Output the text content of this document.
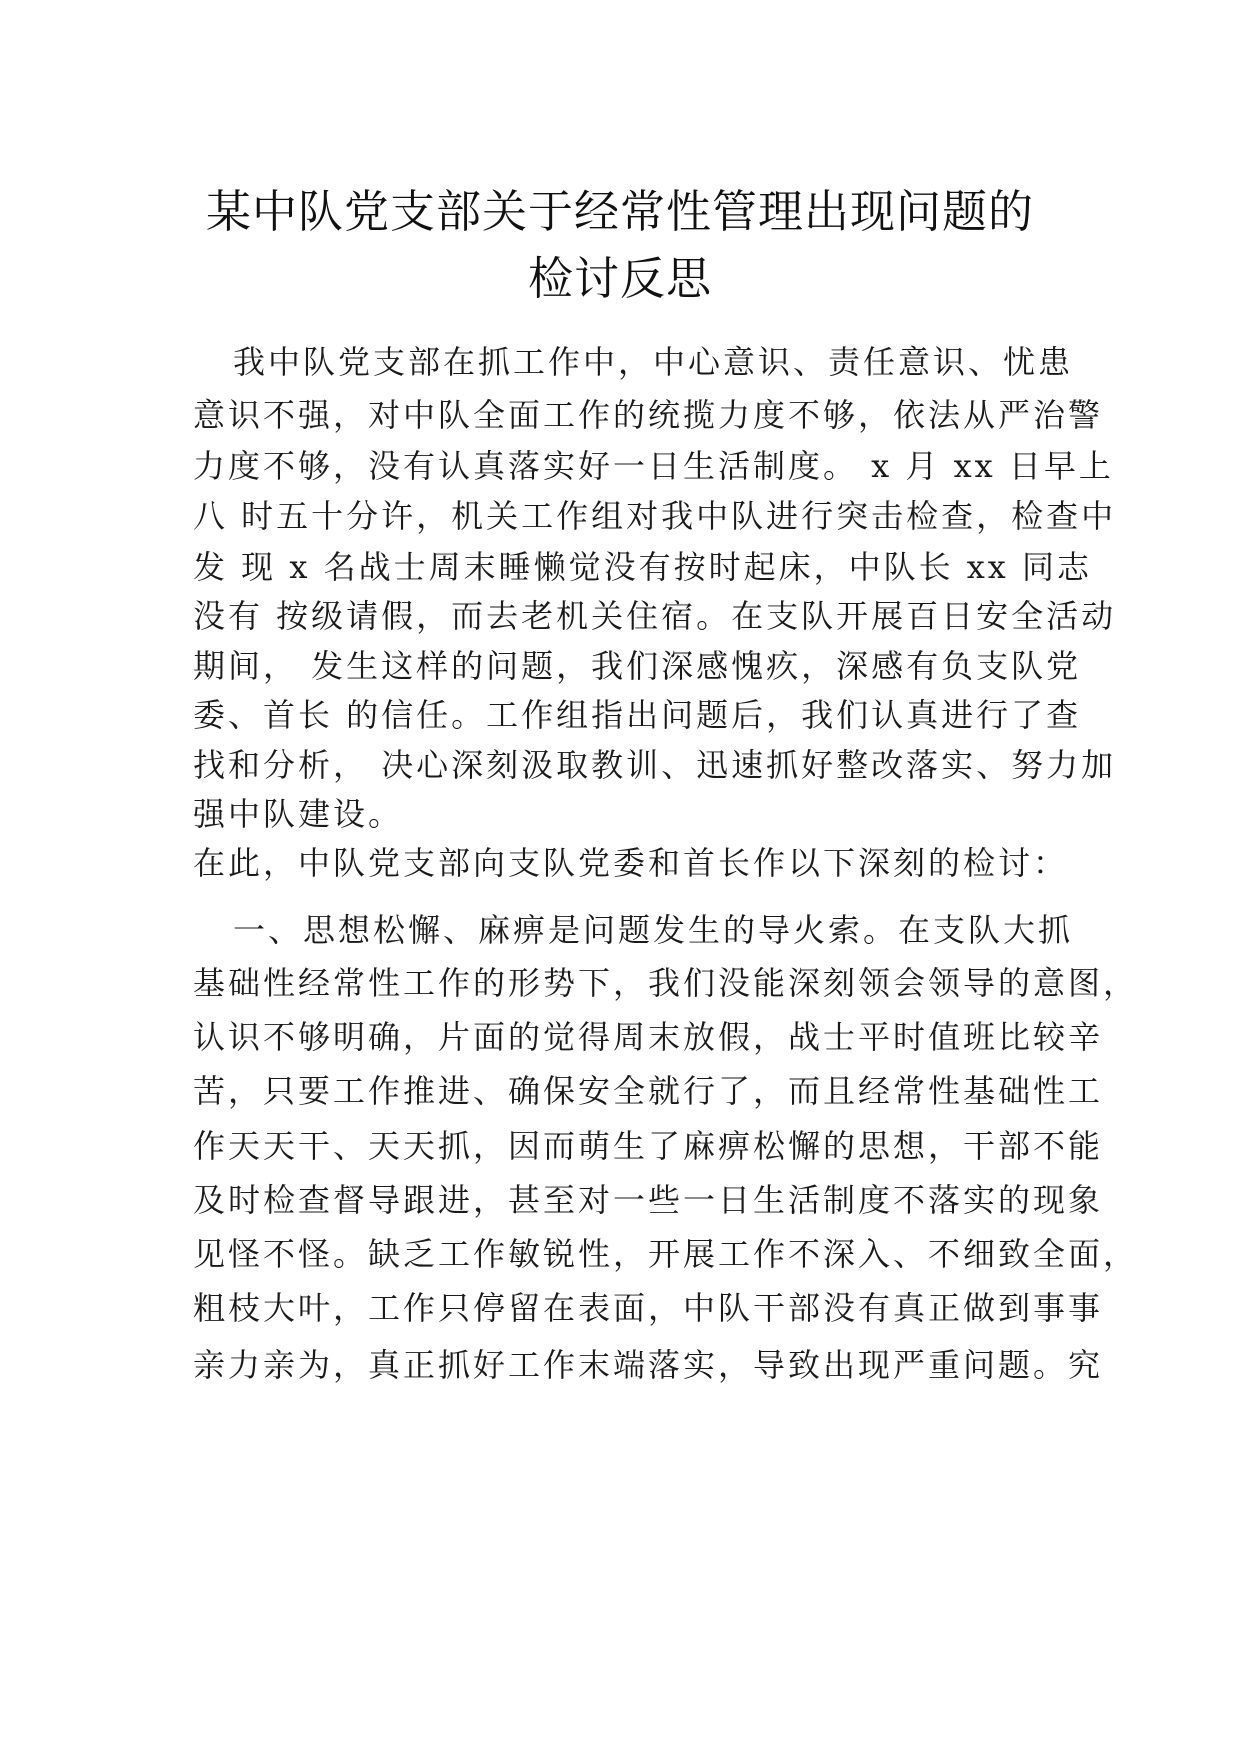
某中队党支部关于经常性管理出现问题的
检讨反思
我中队党支部在抓工作中，中心意识、责任意识、忧患
意识不强，对中队全面工作的统揽力度不够，依法从严治警
力度不够，没有认真落实好一日生活制度。 x 月 xx 日早上
八 时五十分许，机关工作组对我中队进行突击检查，检查中
发 现 x 名战士周末睡懒觉没有按时起床，中队长 xx 同志
没有 按级请假，而去老机关住宿。在支队开展百日安全活动
期间， 发生这样的问题，我们深感愧疚，深感有负支队党
委、首长 的信任。工作组指出问题后，我们认真进行了查
找和分析， 决心深刻汲取教训、迅速抓好整改落实、努力加
强中队建设。
在此，中队党支部向支队党委和首长作以下深刻的检讨：
一、思想松懈、麻痹是问题发生的导火索。在支队大抓
基础性经常性工作的形势下，我们没能深刻领会领导的意图，
认识不够明确，片面的觉得周末放假，战士平时值班比较辛
苦，只要工作推进、确保安全就行了，而且经常性基础性工
作天天干、天天抓，因而萌生了麻痹松懈的思想，干部不能
及时检查督导跟进，甚至对一些一日生活制度不落实的现象
见怪不怪。缺乏工作敏锐性，开展工作不深入、不细致全面，
粗枝大叶，工作只停留在表面，中队干部没有真正做到事事
亲力亲为，真正抓好工作末端落实，导致出现严重问题。究
